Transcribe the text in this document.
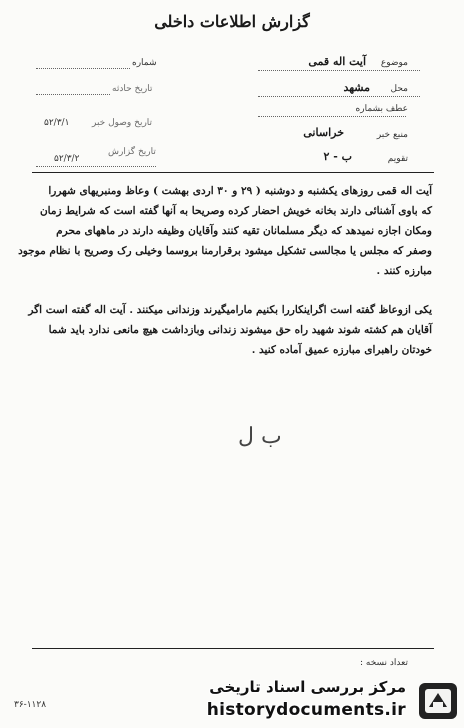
گزارش اطلاعات داخلی
موضوع
آیت اله قمی
محل
مشهد
عطف بشماره
منبع خبر
خراسانی
تقویم
ب - ۲
شماره
تاریخ حادثه
تاریخ وصول خبر
۵۲/۳/۱
تاریخ گزارش
۵۲/۳/۲
آیت اله قمی روزهای یکشنبه و دوشنبه ( ۲۹ و ۳۰ اردی بهشت ) وعاظ ومنبریهای شهررا
که باوی آشنائی دارند بخانه خویش احضار کرده وصریحا به آنها گفته است که شرایط زمان
ومکان اجازه نمیدهد که دیگر مسلمانان تقیه کنند وآقایان وظیفه دارند در ماههای محرم
وصفر که مجلس یا مجالسی تشکیل میشود برقرارمنا بروسما وخیلی رک وصریح با نظام موجود
مبارزه کنند .
یکی ازوعاظ گفته است اگراینکاررا بکنیم مارامیگیرند وزندانی میکنند . آیت اله گفته است اگر
آقایان هم کشته شوند شهید راه حق میشوند زندانی وبازداشت هیچ مانعی ندارد باید شما
خودتان راهبرای مبارزه عمیق آماده کنید .
ب ل
تعداد نسخه :
۳۶-۱۱۲۸
مرکز بررسی اسناد تاریخی
historydocuments.ir
